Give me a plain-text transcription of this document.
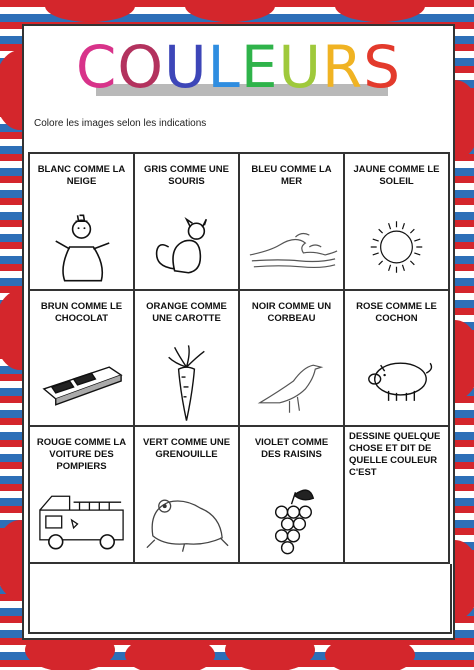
COULEURS
Colore les images selon les indications
BLANC COMME LA NEIGE
GRIS COMME UNE SOURIS
BLEU COMME LA MER
JAUNE COMME LE SOLEIL
BRUN COMME LE CHOCOLAT
ORANGE COMME UNE CAROTTE
NOIR COMME UN CORBEAU
ROSE COMME LE COCHON
ROUGE COMME LA VOITURE DES POMPIERS
VERT COMME UNE GRENOUILLE
VIOLET COMME DES RAISINS
DESSINE QUELQUE CHOSE ET DIT DE QUELLE COULEUR C'EST
